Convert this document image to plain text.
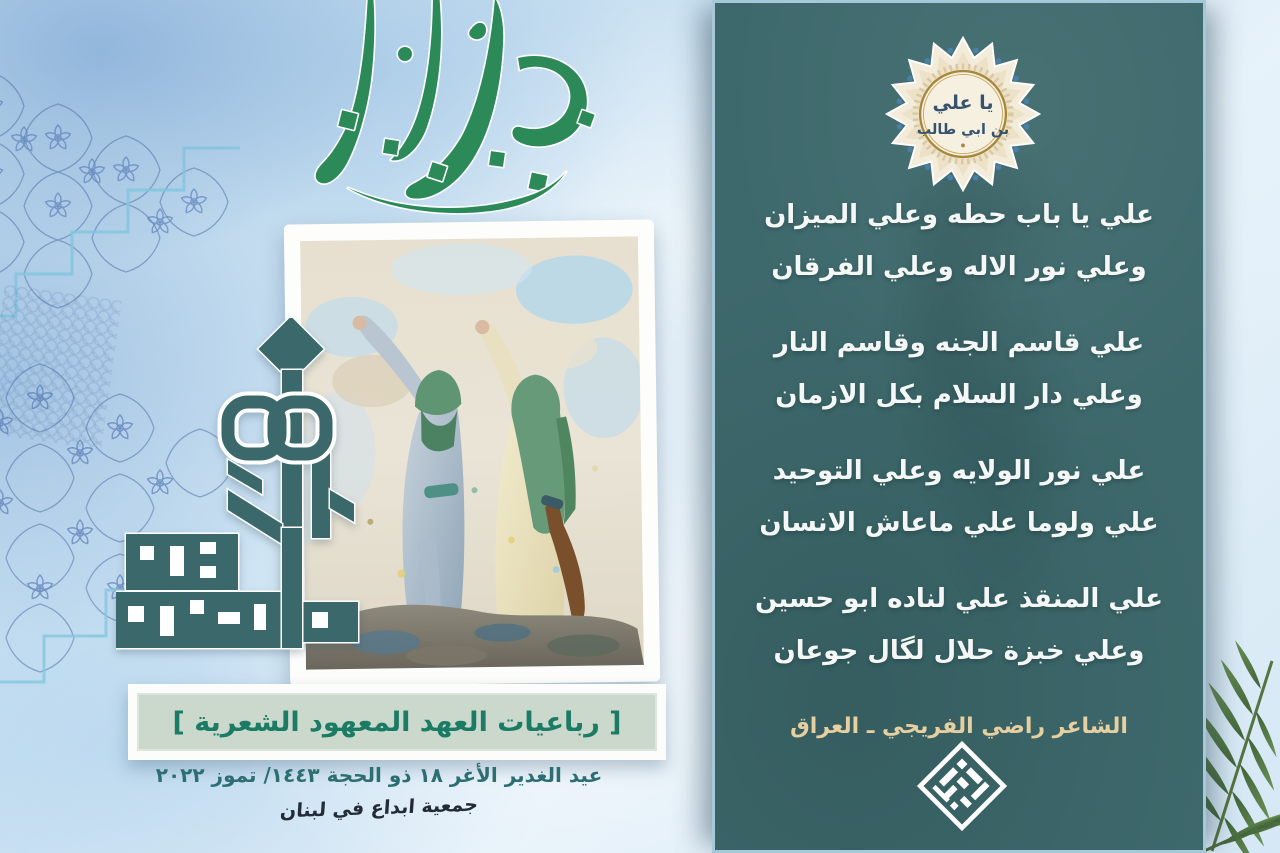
[ رباعيات العهد المعهود الشعرية ]
عيد الغدير الأغر ١٨ ذو الحجة ١٤٤٣/ تموز ٢٠٢٢
جمعية ابداع في لبنان
يا علي
بن ابي طالب
علي يا باب حطه وعلي الميزان
وعلي نور الاله وعلي الفرقان
علي قاسم الجنه وقاسم النار
وعلي دار السلام بكل الازمان
علي نور الولايه وعلي التوحيد
علي ولوما علي ماعاش الانسان
علي المنقذ علي لناده ابو حسين
وعلي خبزة حلال لگال جوعان
الشاعر راضي الفريجي ـ العراق
